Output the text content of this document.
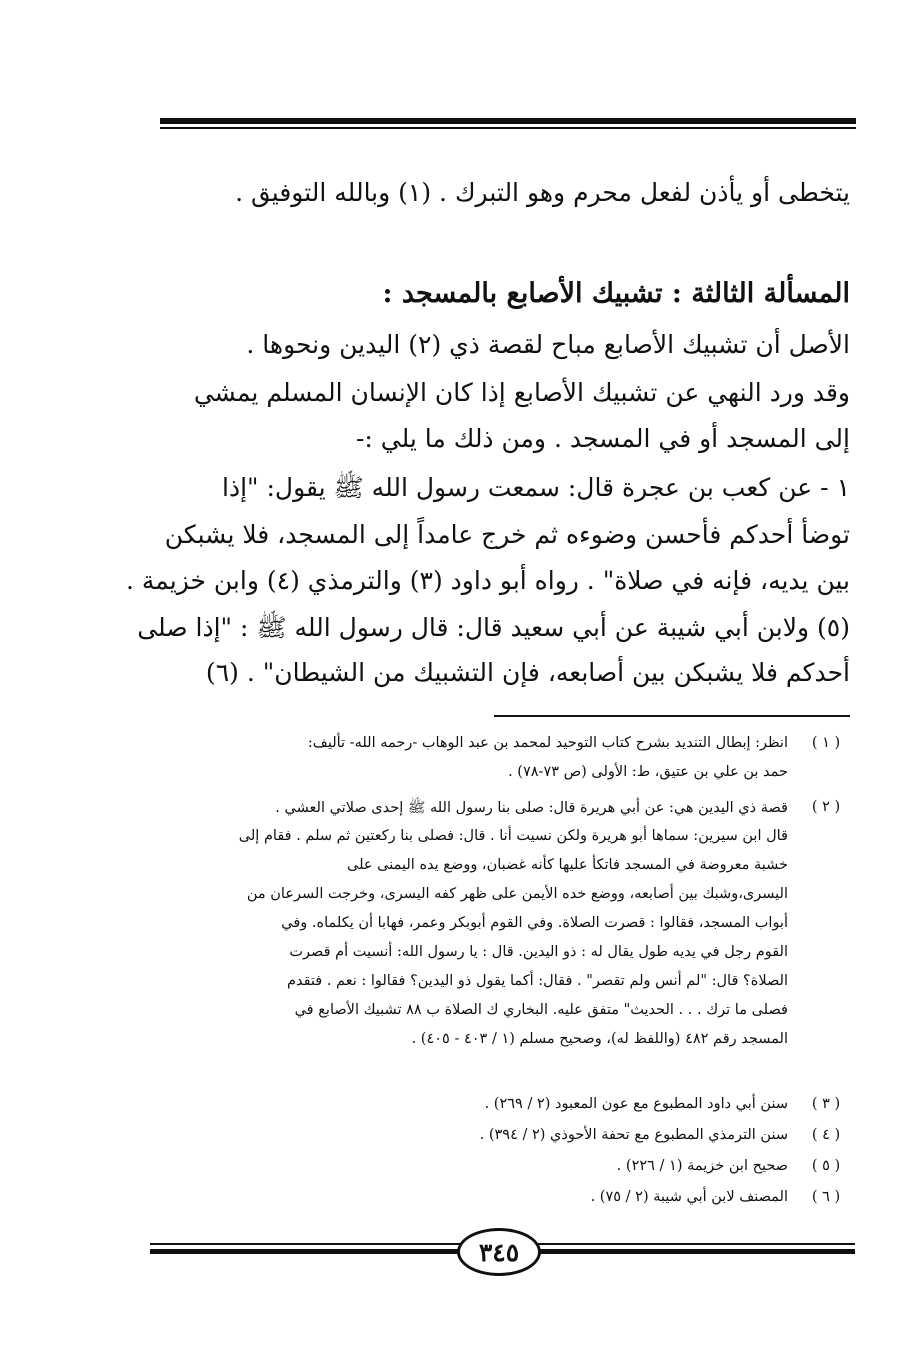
يتخطى أو يأذن لفعل محرم وهو التبرك . (١) وبالله التوفيق .
المسألة الثالثة : تشبيك الأصابع بالمسجد :
الأصل أن تشبيك الأصابع مباح لقصة ذي (٢) اليدين ونحوها .
وقد ورد النهي عن تشبيك الأصابع إذا كان الإنسان المسلم يمشي
إلى المسجد أو في المسجد . ومن ذلك ما يلي :-
١ - عن كعب بن عجرة قال: سمعت رسول الله ﷺ يقول: "إذا
توضأ أحدكم فأحسن وضوءه ثم خرج عامداً إلى المسجد، فلا يشبكن
بين يديه، فإنه في صلاة" . رواه أبو داود (٣) والترمذي (٤) وابن خزيمة .
(٥) ولابن أبي شيبة عن أبي سعيد قال: قال رسول الله ﷺ : "إذا صلى
أحدكم فلا يشبكن بين أصابعه، فإن التشبيك من الشيطان" . (٦)
( ١ )
انظر: إبطال التنديد بشرح كتاب التوحيد لمحمد بن عبد الوهاب -رحمه الله- تأليف:
حمد بن علي بن عتيق، ط: الأولى (ص ٧٣-٧٨) .
( ٢ )
قصة ذي اليدين هي: عن أبي هريرة قال: صلى بنا رسول الله ﷺ إحدى صلاتي العشي .
قال ابن سيرين: سماها أبو هريرة ولكن نسيت أنا . قال: فصلى بنا ركعتين ثم سلم . فقام إلى
خشبة معروضة في المسجد فاتكأ عليها كأنه غضبان، ووضع يده اليمنى على
اليسرى،وشبك بين أصابعه، ووضع خده الأيمن على ظهر كفه اليسرى، وخرجت السرعان من
أبواب المسجد، فقالوا : قصرت الصلاة. وفي القوم أبوبكر وعمر، فهابا أن يكلماه. وفي
القوم رجل في يديه طول يقال له : ذو اليدين. قال : يا رسول الله: أنسيت أم قصرت
الصلاة؟ قال: "لم أنس ولم تقصر" . فقال: أكما يقول ذو اليدين؟ فقالوا : نعم . فتقدم
فصلى ما ترك . . . الحديث" متفق عليه. البخاري ك الصلاة ب ٨٨ تشبيك الأصابع في
المسجد رقم ٤٨٢ (واللفظ له)، وصحيح مسلم (١ / ٤٠٣ - ٤٠٥) .
( ٣ )
سنن أبي داود المطبوع مع عون المعبود (٢ / ٢٦٩) .
( ٤ )
سنن الترمذي المطبوع مع تحفة الأحوذي (٢ / ٣٩٤) .
( ٥ )
صحيح ابن خزيمة (١ / ٢٢٦) .
( ٦ )
المصنف لابن أبي شيبة (٢ / ٧٥) .
٣٤٥
